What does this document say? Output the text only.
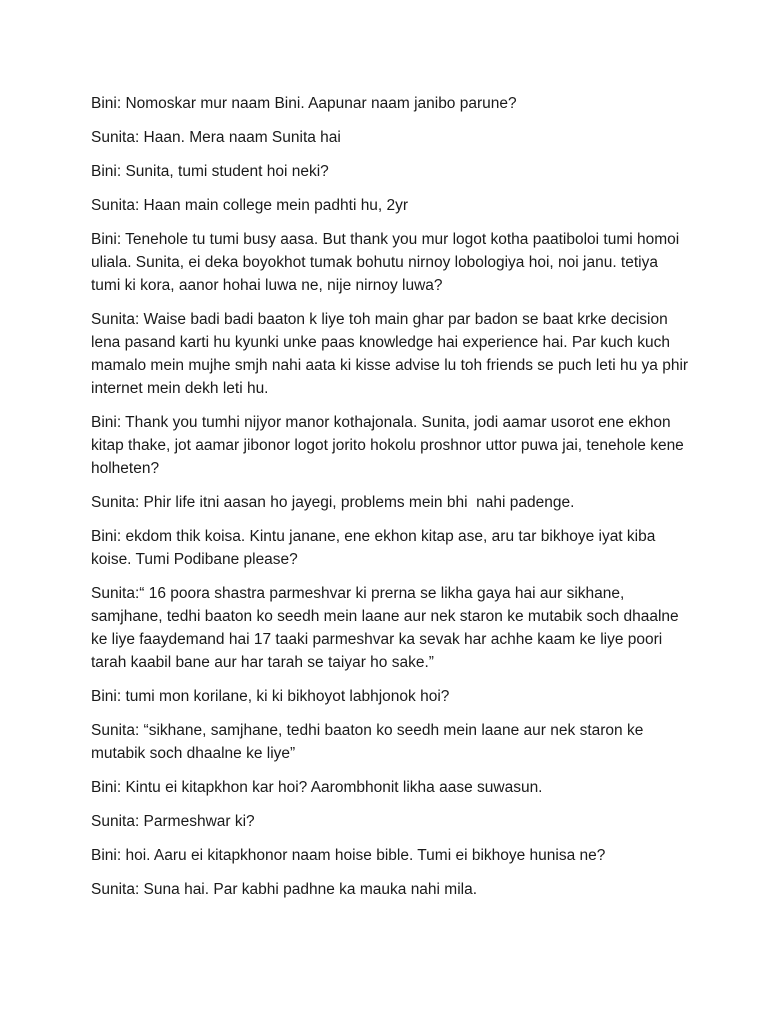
Bini: Nomoskar mur naam Bini. Aapunar naam janibo parune?

Sunita: Haan. Mera naam Sunita hai

Bini: Sunita, tumi student hoi neki?

Sunita: Haan main college mein padhti hu, 2yr

Bini: Tenehole tu tumi busy aasa. But thank you mur logot kotha paatiboloi tumi homoi uliala. Sunita, ei deka boyokhot tumak bohutu nirnoy lobologiya hoi, noi janu. tetiya tumi ki kora, aanor hohai luwa ne, nije nirnoy luwa?

Sunita: Waise badi badi baaton k liye toh main ghar par badon se baat krke decision lena pasand karti hu kyunki unke paas knowledge hai experience hai. Par kuch kuch mamalo mein mujhe smjh nahi aata ki kisse advise lu toh friends se puch leti hu ya phir internet mein dekh leti hu.

Bini: Thank you tumhi nijyor manor kothajonala. Sunita, jodi aamar usorot ene ekhon kitap thake, jot aamar jibonor logot jorito hokolu proshnor uttor puwa jai, tenehole kene holheten?

Sunita: Phir life itni aasan ho jayegi, problems mein bhi  nahi padenge.

Bini: ekdom thik koisa. Kintu janane, ene ekhon kitap ase, aru tar bikhoye iyat kiba koise. Tumi Podibane please?

Sunita:“ 16 poora shastra parmeshvar ki prerna se likha gaya hai aur sikhane, samjhane, tedhi baaton ko seedh mein laane aur nek staron ke mutabik soch dhaalne ke liye faaydemand hai 17 taaki parmeshvar ka sevak har achhe kaam ke liye poori tarah kaabil bane aur har tarah se taiyar ho sake.”

Bini: tumi mon korilane, ki ki bikhoyot labhjonok hoi?

Sunita: “sikhane, samjhane, tedhi baaton ko seedh mein laane aur nek staron ke mutabik soch dhaalne ke liye”

Bini: Kintu ei kitapkhon kar hoi? Aarombhonit likha aase suwasun.

Sunita: Parmeshwar ki?

Bini: hoi. Aaru ei kitapkhonor naam hoise bible. Tumi ei bikhoye hunisa ne?

Sunita: Suna hai. Par kabhi padhne ka mauka nahi mila.
